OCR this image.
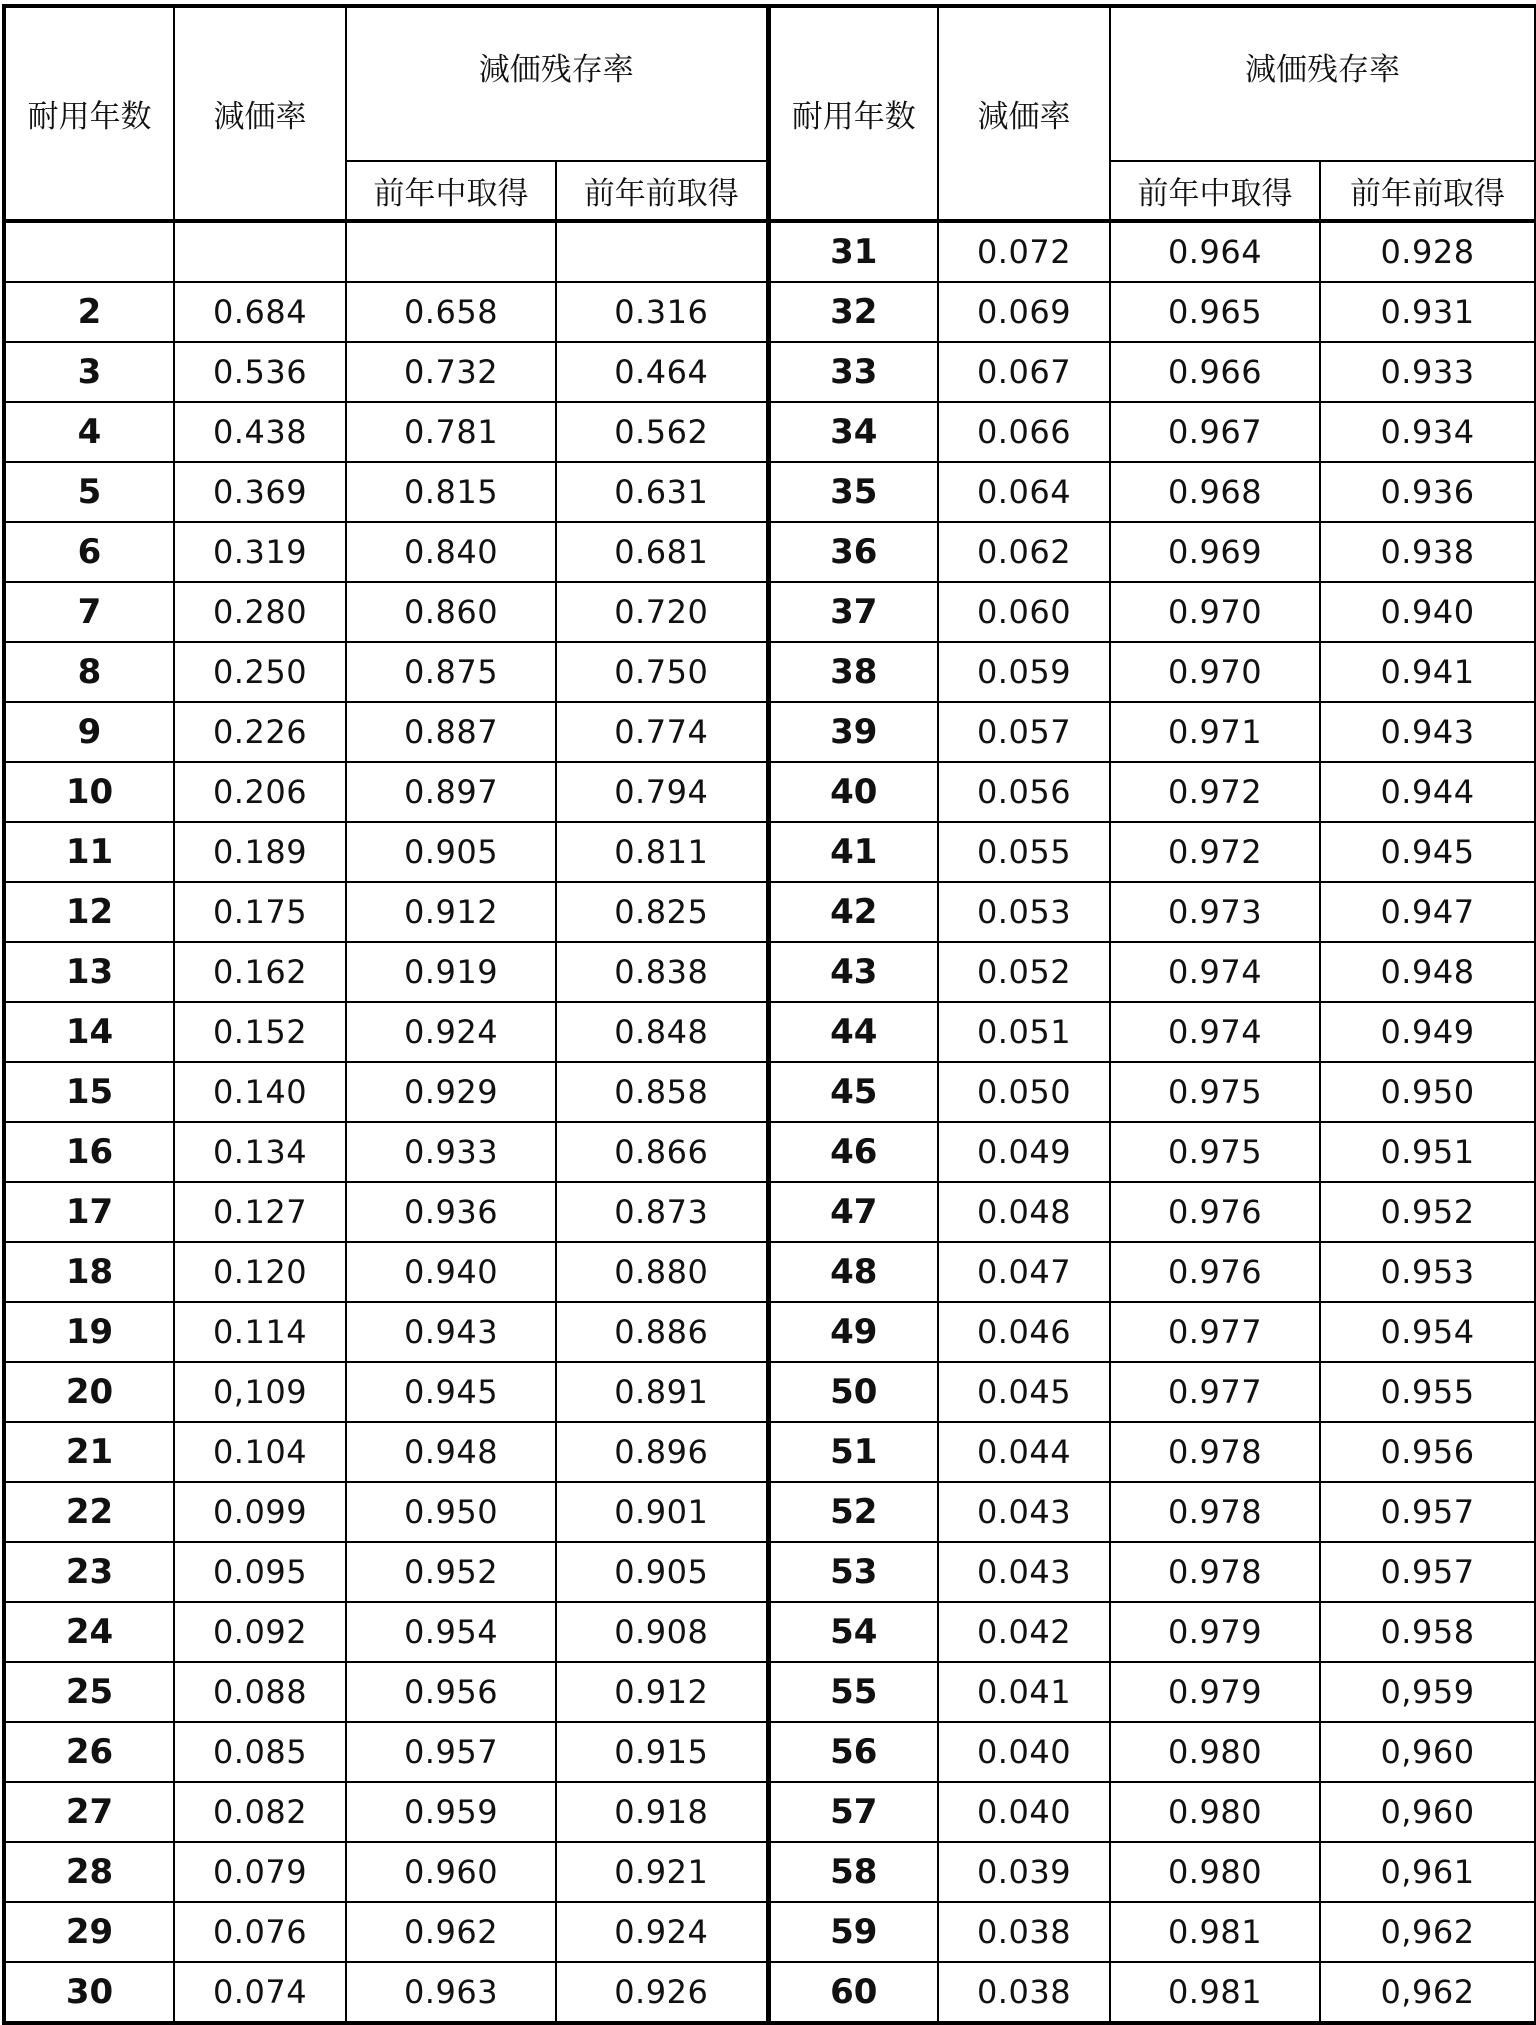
耐用年数	減価率	減価残存率		耐用年数	減価率	減価残存率	
		前年中取得	前年前取得			前年中取得	前年前取得
				31	0.072	0.964	0.928
2	0.684	0.658	0.316	32	0.069	0.965	0.931
3	0.536	0.732	0.464	33	0.067	0.966	0.933
4	0.438	0.781	0.562	34	0.066	0.967	0.934
5	0.369	0.815	0.631	35	0.064	0.968	0.936
6	0.319	0.840	0.681	36	0.062	0.969	0.938
7	0.280	0.860	0.720	37	0.060	0.970	0.940
8	0.250	0.875	0.750	38	0.059	0.970	0.941
9	0.226	0.887	0.774	39	0.057	0.971	0.943
10	0.206	0.897	0.794	40	0.056	0.972	0.944
11	0.189	0.905	0.811	41	0.055	0.972	0.945
12	0.175	0.912	0.825	42	0.053	0.973	0.947
13	0.162	0.919	0.838	43	0.052	0.974	0.948
14	0.152	0.924	0.848	44	0.051	0.974	0.949
15	0.140	0.929	0.858	45	0.050	0.975	0.950
16	0.134	0.933	0.866	46	0.049	0.975	0.951
17	0.127	0.936	0.873	47	0.048	0.976	0.952
18	0.120	0.940	0.880	48	0.047	0.976	0.953
19	0.114	0.943	0.886	49	0.046	0.977	0.954
20	0,109	0.945	0.891	50	0.045	0.977	0.955
21	0.104	0.948	0.896	51	0.044	0.978	0.956
22	0.099	0.950	0.901	52	0.043	0.978	0.957
23	0.095	0.952	0.905	53	0.043	0.978	0.957
24	0.092	0.954	0.908	54	0.042	0.979	0.958
25	0.088	0.956	0.912	55	0.041	0.979	0,959
26	0.085	0.957	0.915	56	0.040	0.980	0,960
27	0.082	0.959	0.918	57	0.040	0.980	0,960
28	0.079	0.960	0.921	58	0.039	0.980	0,961
29	0.076	0.962	0.924	59	0.038	0.981	0,962
30	0.074	0.963	0.926	60	0.038	0.981	0,962
